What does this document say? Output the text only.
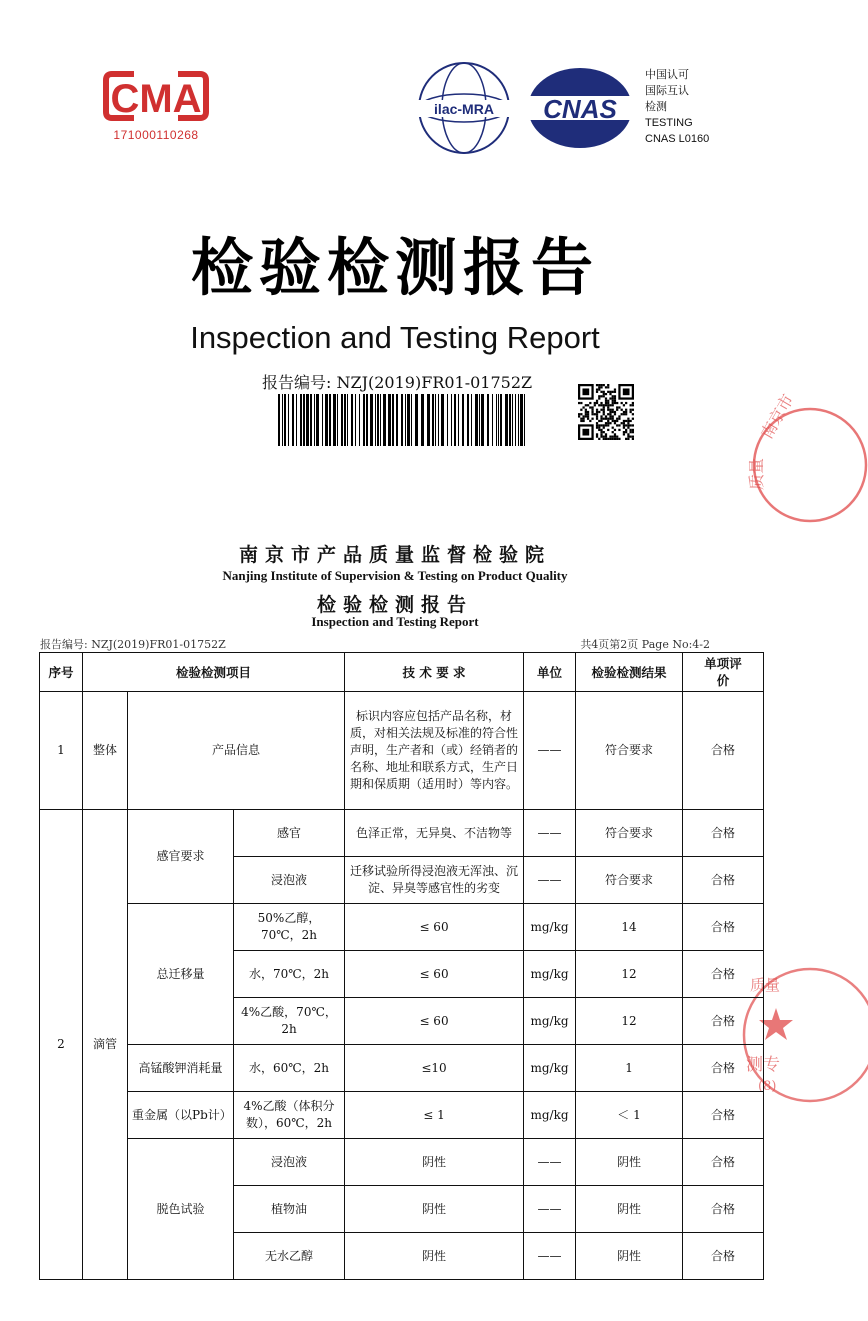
CMA
171000110268
ilac-MRA CNAS
中国认可
国际互认
检测
TESTING
CNAS L0160
检验检测报告
Inspection and Testing Report
报告编号: NZJ(2019)FR01-01752Z
南京市
质量
质量
测专
(8)
南京市产品质量监督检验院
Nanjing Institute of Supervision & Testing on Product Quality
检验检测报告
Inspection and Testing Report
报告编号: NZJ(2019)FR01-01752Z	共4页第2页 Page No:4-2
序号	检验检测项目			技 术 要 求	单位	检验检测结果	单项评价
1	整体	产品信息		标识内容应包括产品名称，材质，对相关法规及标准的符合性声明，生产者和（或）经销者的名称、地址和联系方式，生产日期和保质期（适用时）等内容。	——	符合要求	合格
2	滴管	感官要求	感官	色泽正常，无异臭、不洁物等	——	符合要求	合格
			浸泡液	迁移试验所得浸泡液无浑浊、沉淀、异臭等感官性的劣变	——	符合要求	合格
		总迁移量	50%乙醇，70℃，2h	≤ 60	mg/kg	14	合格
			水，70℃，2h	≤ 60	mg/kg	12	合格
			4%乙酸，70℃，2h	≤ 60	mg/kg	12	合格
		高锰酸钾消耗量	水，60℃，2h	≤10	mg/kg	1	合格
		重金属（以Pb计）	4%乙酸（体积分数），60℃，2h	≤ 1	mg/kg	＜ 1	合格
		脱色试验	浸泡液	阴性	——	阴性	合格
			植物油	阴性	——	阴性	合格
			无水乙醇	阴性	——	阴性	合格
